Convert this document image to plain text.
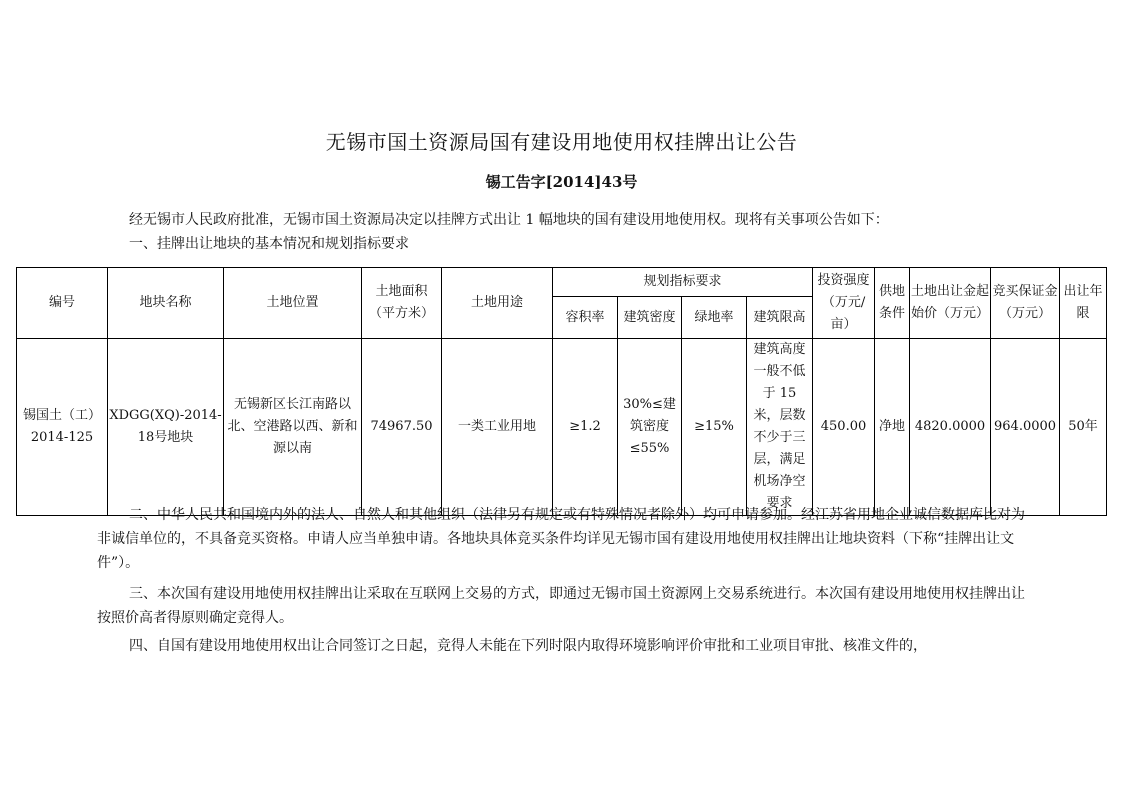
无锡市国土资源局国有建设用地使用权挂牌出让公告
锡工告字[2014]43号

经无锡市人民政府批准，无锡市国土资源局决定以挂牌方式出让 1 幅地块的国有建设用地使用权。现将有关事项公告如下：

一、挂牌出让地块的基本情况和规划指标要求

编号	地块名称	土地位置	土地面积（平方米）	土地用途	规划指标要求				投资强度（万元/亩）	供地条件	土地出让金起始价（万元）	竞买保证金（万元）	出让年限
					容积率	建筑密度	绿地率	建筑限高					
锡国土（工）2014-125	XDGG(XQ)-2014-18号地块	无锡新区长江南路以北、空港路以西、新和源以南	74967.50	一类工业用地	≥1.2	30%≤建筑密度≤55%	≥15%	建筑高度一般不低于 15 米，层数不少于三层，满足机场净空要求	450.00	净地	4820.0000	964.0000	50年

二、中华人民共和国境内外的法人、自然人和其他组织（法律另有规定或有特殊情况者除外）均可申请参加。经江苏省用地企业诚信数据库比对为非诚信单位的，不具备竞买资格。申请人应当单独申请。各地块具体竞买条件均详见无锡市国有建设用地使用权挂牌出让地块资料（下称“挂牌出让文件”）。

三、本次国有建设用地使用权挂牌出让采取在互联网上交易的方式，即通过无锡市国土资源网上交易系统进行。本次国有建设用地使用权挂牌出让按照价高者得原则确定竞得人。

四、自国有建设用地使用权出让合同签订之日起，竞得人未能在下列时限内取得环境影响评价审批和工业项目审批、核准文件的，
